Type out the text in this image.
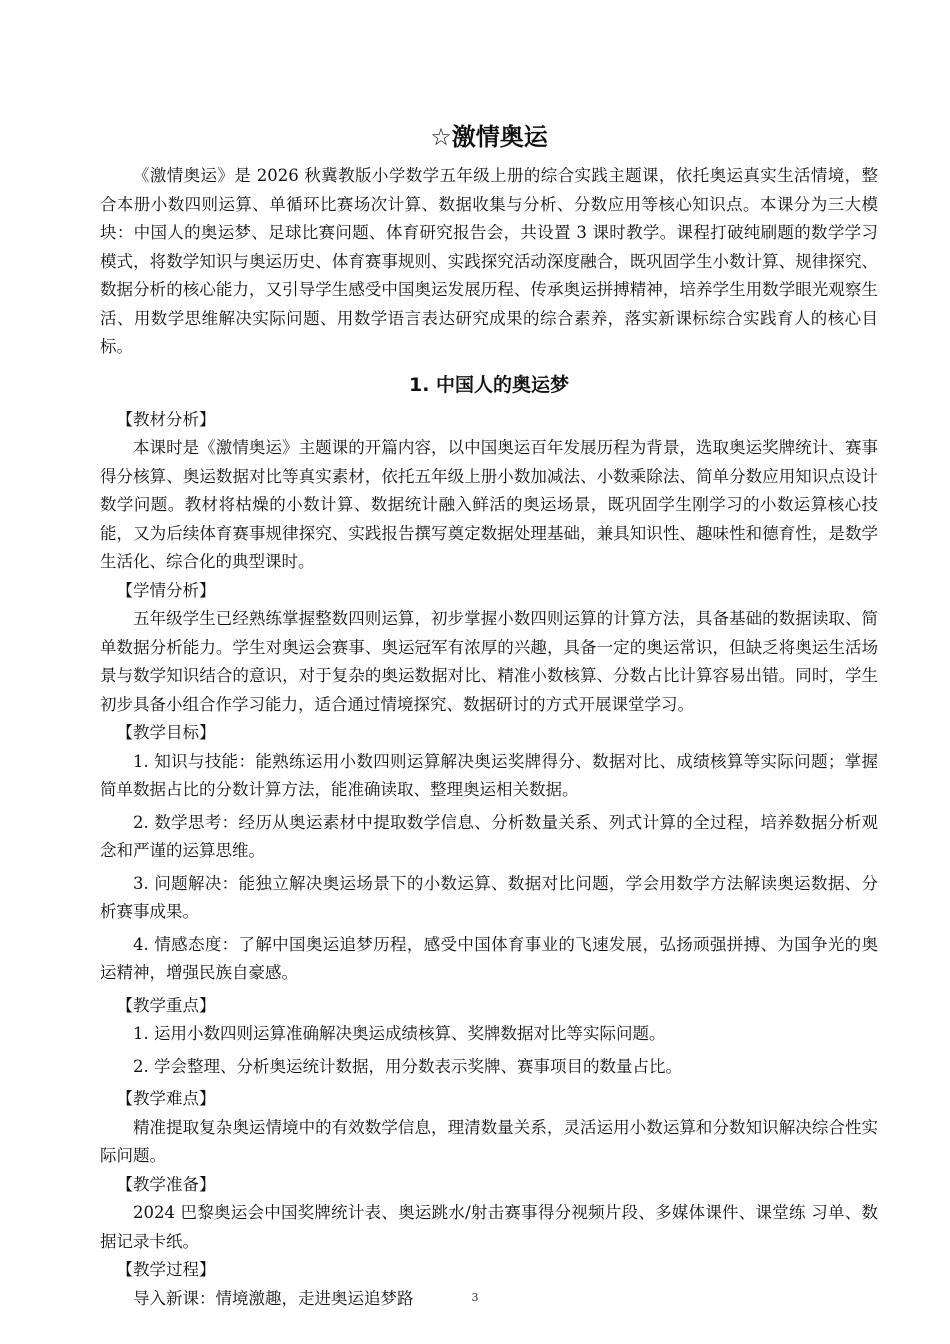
☆激情奥运

《激情奥运》是 2026 秋冀教版小学数学五年级上册的综合实践主题课，依托奥运真实生活情境，整合本册小数四则运算、单循环比赛场次计算、数据收集与分析、分数应用等核心知识点。本课分为三大模块：中国人的奥运梦、足球比赛问题、体育研究报告会，共设置 3 课时教学。课程打破纯刷题的数学学习模式，将数学知识与奥运历史、体育赛事规则、实践探究活动深度融合，既巩固学生小数计算、规律探究、数据分析的核心能力，又引导学生感受中国奥运发展历程、传承奥运拼搏精神，培养学生用数学眼光观察生活、用数学思维解决实际问题、用数学语言表达研究成果的综合素养，落实新课标综合实践育人的核心目标。

1. 中国人的奥运梦

【教材分析】

本课时是《激情奥运》主题课的开篇内容，以中国奥运百年发展历程为背景，选取奥运奖牌统计、赛事得分核算、奥运数据对比等真实素材，依托五年级上册小数加减法、小数乘除法、简单分数应用知识点设计数学问题。教材将枯燥的小数计算、数据统计融入鲜活的奥运场景，既巩固学生刚学习的小数运算核心技能，又为后续体育赛事规律探究、实践报告撰写奠定数据处理基础，兼具知识性、趣味性和德育性，是数学生活化、综合化的典型课时。

【学情分析】

五年级学生已经熟练掌握整数四则运算，初步掌握小数四则运算的计算方法，具备基础的数据读取、简单数据分析能力。学生对奥运会赛事、奥运冠军有浓厚的兴趣，具备一定的奥运常识，但缺乏将奥运生活场景与数学知识结合的意识，对于复杂的奥运数据对比、精准小数核算、分数占比计算容易出错。同时，学生初步具备小组合作学习能力，适合通过情境探究、数据研讨的方式开展课堂学习。

【教学目标】

1. 知识与技能：能熟练运用小数四则运算解决奥运奖牌得分、数据对比、成绩核算等实际问题；掌握简单数据占比的分数计算方法，能准确读取、整理奥运相关数据。

2. 数学思考：经历从奥运素材中提取数学信息、分析数量关系、列式计算的全过程，培养数据分析观念和严谨的运算思维。

3. 问题解决：能独立解决奥运场景下的小数运算、数据对比问题，学会用数学方法解读奥运数据、分析赛事成果。

4. 情感态度：了解中国奥运追梦历程，感受中国体育事业的飞速发展，弘扬顽强拼搏、为国争光的奥运精神，增强民族自豪感。

【教学重点】

1. 运用小数四则运算准确解决奥运成绩核算、奖牌数据对比等实际问题。

2. 学会整理、分析奥运统计数据，用分数表示奖牌、赛事项目的数量占比。

【教学难点】

精准提取复杂奥运情境中的有效数学信息，理清数量关系，灵活运用小数运算和分数知识解决综合性实际问题。

【教学准备】

2024 巴黎奥运会中国奖牌统计表、奥运跳水/射击赛事得分视频片段、多媒体课件、课堂练 习单、数据记录卡纸。

【教学过程】

导入新课：情境激趣，走进奥运追梦路	3
